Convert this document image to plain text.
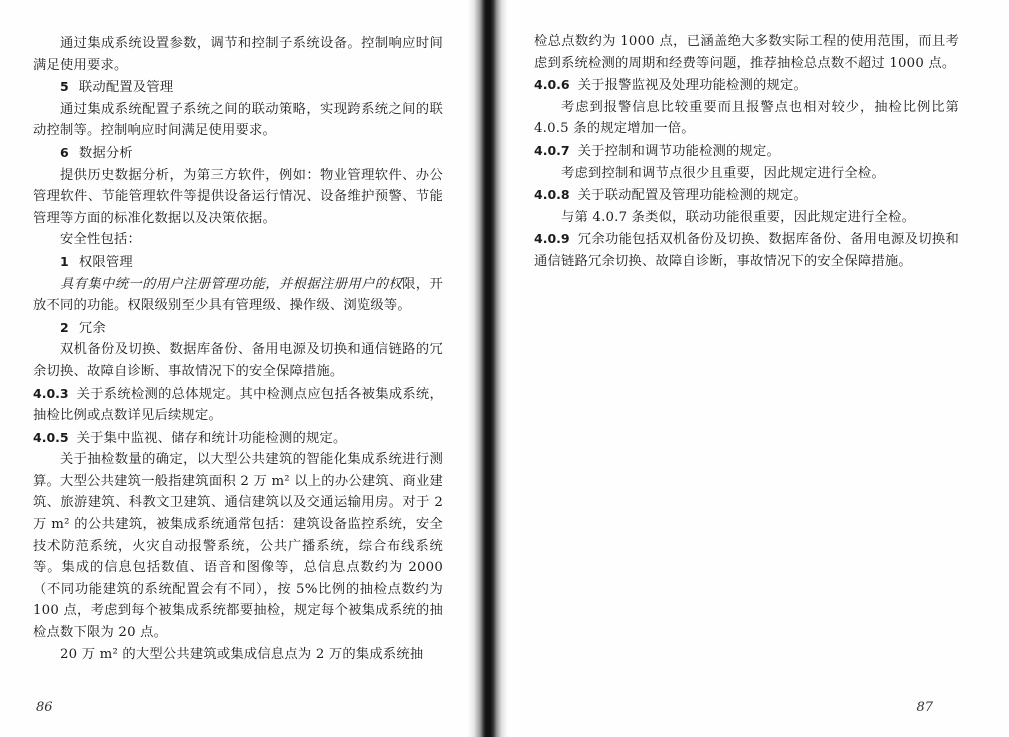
通过集成系统设置参数，调节和控制子系统设备。控制响应时间满足使用要求。

5 联动配置及管理

通过集成系统配置子系统之间的联动策略，实现跨系统之间的联动控制等。控制响应时间满足使用要求。

6 数据分析

提供历史数据分析，为第三方软件，例如：物业管理软件、办公管理软件、节能管理软件等提供设备运行情况、设备维护预警、节能管理等方面的标准化数据以及决策依据。

安全性包括：

1 权限管理

具有集中统一的用户注册管理功能，并根据注册用户的权限，开放不同的功能。权限级别至少具有管理级、操作级、浏览级等。

2 冗余

双机备份及切换、数据库备份、备用电源及切换和通信链路的冗余切换、故障自诊断、事故情况下的安全保障措施。

4.0.3 关于系统检测的总体规定。其中检测点应包括各被集成系统，抽检比例或点数详见后续规定。

4.0.5 关于集中监视、储存和统计功能检测的规定。

关于抽检数量的确定，以大型公共建筑的智能化集成系统进行测算。大型公共建筑一般指建筑面积 2 万 m² 以上的办公建筑、商业建筑、旅游建筑、科教文卫建筑、通信建筑以及交通运输用房。对于 2 万 m² 的公共建筑，被集成系统通常包括：建筑设备监控系统，安全技术防范系统，火灾自动报警系统，公共广播系统，综合布线系统等。集成的信息包括数值、语音和图像等，总信息点数约为 2000（不同功能建筑的系统配置会有不同），按 5%比例的抽检点数约为 100 点，考虑到每个被集成系统都要抽检，规定每个被集成系统的抽检点数下限为 20 点。

20 万 m² 的大型公共建筑或集成信息点为 2 万的集成系统抽

86

检总点数约为 1000 点，已涵盖绝大多数实际工程的使用范围，而且考虑到系统检测的周期和经费等问题，推荐抽检总点数不超过 1000 点。

4.0.6 关于报警监视及处理功能检测的规定。

考虑到报警信息比较重要而且报警点也相对较少，抽检比例比第 4.0.5 条的规定增加一倍。

4.0.7 关于控制和调节功能检测的规定。

考虑到控制和调节点很少且重要，因此规定进行全检。

4.0.8 关于联动配置及管理功能检测的规定。

与第 4.0.7 条类似，联动功能很重要，因此规定进行全检。

4.0.9 冗余功能包括双机备份及切换、数据库备份、备用电源及切换和通信链路冗余切换、故障自诊断，事故情况下的安全保障措施。

87
